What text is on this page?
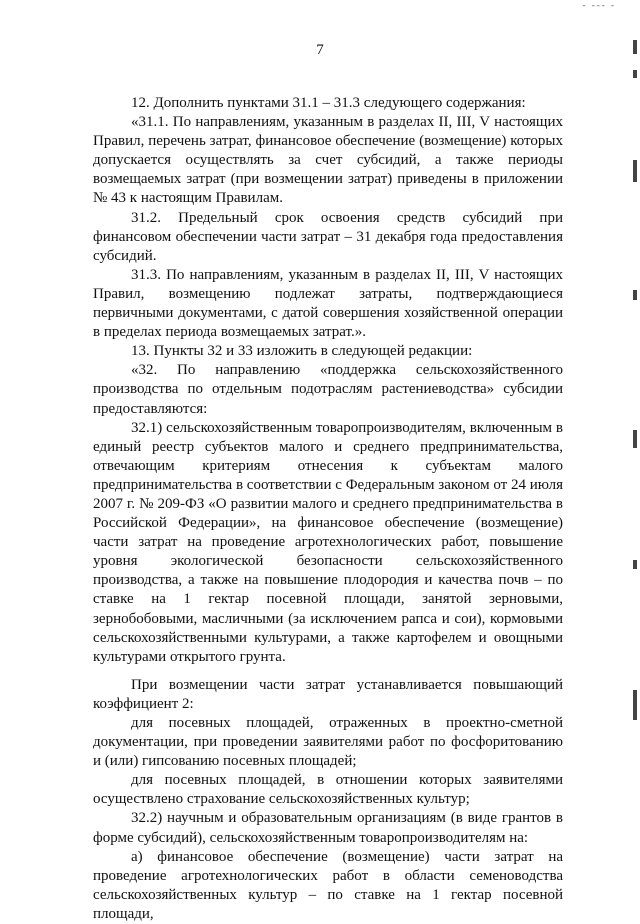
- --- -
7

12. Дополнить пунктами 31.1 – 31.3 следующего содержания:

«31.1. По направлениям, указанным в разделах II, III, V настоящих Правил, перечень затрат, финансовое обеспечение (возмещение) которых допускается осуществлять за счет субсидий, а также периоды возмещаемых затрат (при возмещении затрат) приведены в приложении № 43 к настоящим Правилам.

31.2. Предельный срок освоения средств субсидий при финансовом обеспечении части затрат – 31 декабря года предоставления субсидий.

31.3. По направлениям, указанным в разделах II, III, V настоящих Правил, возмещению подлежат затраты, подтверждающиеся первичными документами, с датой совершения хозяйственной операции в пределах периода возмещаемых затрат.».

13. Пункты 32 и 33 изложить в следующей редакции:

«32. По направлению «поддержка сельскохозяйственного производства по отдельным подотраслям растениеводства» субсидии предоставляются:

32.1) сельскохозяйственным товаропроизводителям, включенным в единый реестр субъектов малого и среднего предпринимательства, отвечающим критериям отнесения к субъектам малого предпринимательства в соответствии с Федеральным законом от 24 июля 2007 г. № 209-ФЗ «О развитии малого и среднего предпринимательства в Российской Федерации», на финансовое обеспечение (возмещение) части затрат на проведение агротехнологических работ, повышение уровня экологической безопасности сельскохозяйственного производства, а также на повышение плодородия и качества почв – по ставке на 1 гектар посевной площади, занятой зерновыми, зернобобовыми, масличными (за исключением рапса и сои), кормовыми сельскохозяйственными культурами, а также картофелем и овощными культурами открытого грунта.

При возмещении части затрат устанавливается повышающий коэффициент 2:

для посевных площадей, отраженных в проектно-сметной документации, при проведении заявителями работ по фосфоритованию и (или) гипсованию посевных площадей;

для посевных площадей, в отношении которых заявителями осуществлено страхование сельскохозяйственных культур;

32.2) научным и образовательным организациям (в виде грантов в форме субсидий), сельскохозяйственным товаропроизводителям на:

а) финансовое обеспечение (возмещение) части затрат на проведение агротехнологических работ в области семеноводства сельскохозяйственных культур – по ставке на 1 гектар посевной площади,
